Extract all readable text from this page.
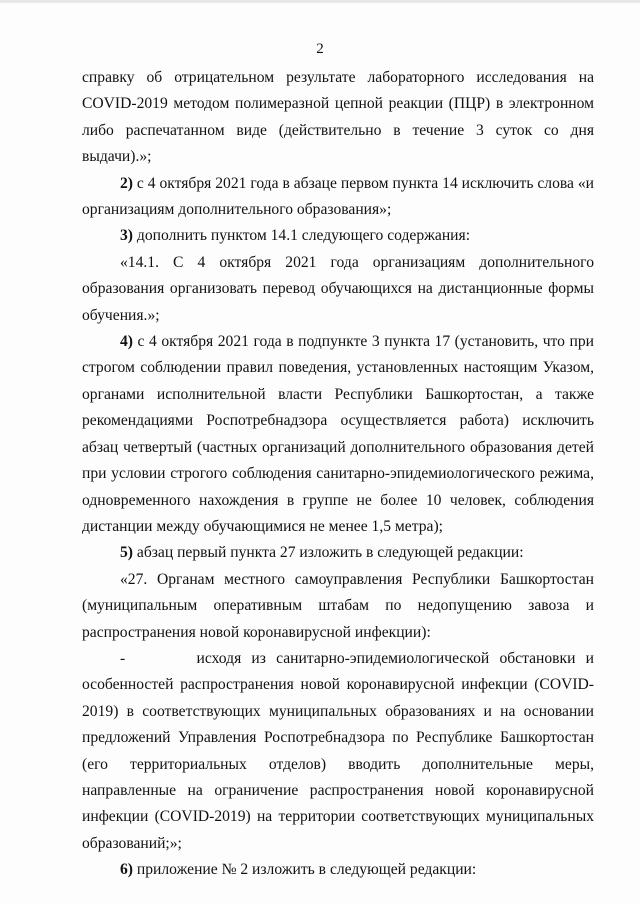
2

справку об отрицательном результате лабораторного исследования на COVID-2019 методом полимеразной цепной реакции (ПЦР) в электронном либо распечатанном виде (действительно в течение 3 суток со дня выдачи).»;

2) с 4 октября 2021 года в абзаце первом пункта 14 исключить слова «и организациям дополнительного образования»;

3) дополнить пунктом 14.1 следующего содержания:

«14.1. С 4 октября 2021 года организациям дополнительного образования организовать перевод обучающихся на дистанционные формы обучения.»;

4) с 4 октября 2021 года в подпункте 3 пункта 17 (установить, что при строгом соблюдении правил поведения, установленных настоящим Указом, органами исполнительной власти Республики Башкортостан, а также рекомендациями Роспотребнадзора осуществляется работа) исключить абзац четвертый (частных организаций дополнительного образования детей при условии строгого соблюдения санитарно-эпидемиологического режима, одновременного нахождения в группе не более 10 человек, соблюдения дистанции между обучающимися не менее 1,5 метра);

5) абзац первый пункта 27 изложить в следующей редакции:

«27. Органам местного самоуправления Республики Башкортостан (муниципальным оперативным штабам по недопущению завоза и распространения новой коронавирусной инфекции):

-       исходя из санитарно-эпидемиологической обстановки и особенностей распространения новой коронавирусной инфекции (COVID-2019) в соответствующих муниципальных образованиях и на основании предложений Управления Роспотребнадзора по Республике Башкортостан (его территориальных отделов) вводить дополнительные меры, направленные на ограничение распространения новой коронавирусной инфекции (COVID-2019) на территории соответствующих муниципальных образований;»;

6) приложение № 2 изложить в следующей редакции:
